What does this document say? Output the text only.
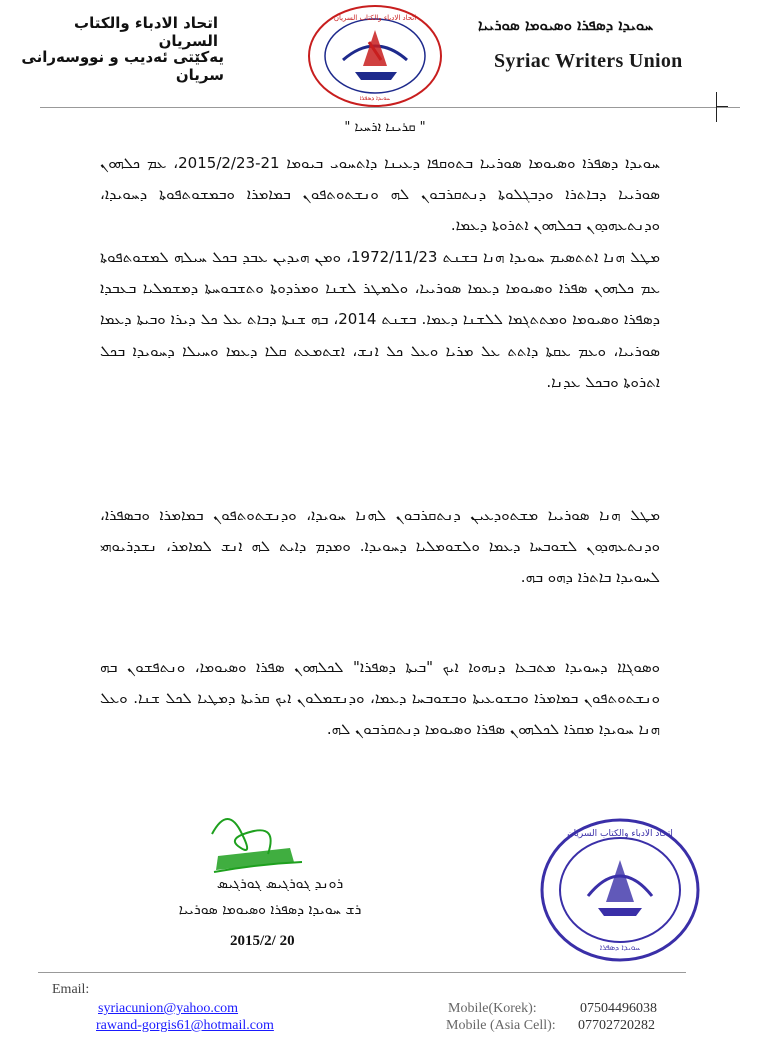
اتحاد الادباء والكتاب السريان
يەكێتى ئەديب و نووسەرانى سريان
ܚܘܝܕܐ ܕܣܦܪܐ ܘܣܝܘܡܐ ܣܘܪܝܝܐ
Syriac Writers Union
اتحاد الادباء والكتاب السريان
ܚܘܝܕܐ ܕܣܦܪܐ
" ܩܪܝܢܐ ܐܪܚܝܐ "
ܚܘܝܕܐ ܕܣܦܪܐ ܘܣܝܘܡܐ ܣܘܪܝܝܐ ܒܬܘܩܦܐ ܕܥܝܢܐ ܕܐܬܚܘܝ ܒܝܘܡܐ 21-2015/2/23، ܥܡ ܟܠܗܘܢ ܣܘܪܝܝܐ ܕܒܐܬܪܐ ܘܕܒܓܠܘܬܐ ܕܢܬܩܪܒܘܢ ܠܗ ܘܢܫܬܘܬܦܘܢ ܒܡܐܡܪܐ ܘܒܡܫܘܬܦܘܬܐ ܕܚܘܝܕܐ، ܘܕܢܬܥܗܕܘܢ ܒܟܠܗܘܢ ܐܬܪܘܬܐ ܕܥܡܐ.
ܡܛܠ ܗܢܐ ܐܬܬܣܝܡ ܚܘܝܕܐ ܗܢܐ ܒܫܢܬ 1972/11/23، ܘܡܢ ܗܝܕܝܢ ܥܒܕ ܒܟܠ ܚܝܠܗ ܠܡܫܘܬܦܘܬܐ ܥܡ ܟܠܗܘܢ ܣܦܪܐ ܘܣܝܘܡܐ ܕܥܡܐ ܣܘܪܝܝܐ، ܘܠܡܛܪ ܠܫܢܐ ܘܡܪܕܘܬܐ ܘܬܫܒܘܚܬܐ ܕܡܫܡܠܝܐ ܒܥܒܕܐ ܕܣܦܪܐ ܘܣܝܘܡܐ ܘܡܬܬܓܡܐ ܠܠܫܢܐ ܕܥܡܐ. ܒܫܢܬ 2014، ܒܗ ܫܢܬܐ ܕܒܐܬ ܥܠ ܟܠ ܕܝܪܐ ܘܒܝܬܐ ܕܥܡܐ ܣܘܪܝܝܐ، ܘܥܡ ܥܩܬܐ ܕܐܬܬ ܥܠ ܡܪܝܐ ܘܥܠ ܟܠ ܐܢܫ، ܐܫܬܡܥܬ ܩܠܐ ܕܥܡܐ ܘܚܝܠܐ ܕܚܘܝܕܐ ܒܟܠ ܐܬܪܘܬܐ ܘܒܟܠ ܥܕܢܐ.
ܡܛܠ ܗܢܐ ܣܘܪܝܝܐ ܡܫܬܘܕܥܝܢ ܕܢܬܩܪܒܘܢ ܠܗܢܐ ܚܘܝܕܐ، ܘܕܢܫܬܘܬܦܘܢ ܒܡܐܡܪܐ ܘܒܣܦܪܐ، ܘܕܢܬܥܗܕܘܢ ܠܫܘܒܚܐ ܕܥܡܐ ܘܠܫܘܡܠܝܐ ܕܚܘܝܕܐ. ܘܡܕܡ ܕܐܝܬ ܠܗ ܐܢܫ ܠܡܐܡܪ، ܢܫܕܪܝܘܗܝ ܠܚܘܝܕܐ ܒܐܬܪܐ ܕܗܘ ܒܗ.
ܘܣܘܓܐܐ ܕܚܘܝܕܐ ܡܬܒܥܐ ܕܢܗܘܐ ܐܝܟ "ܒܝܬܐ ܕܣܦܪܐ" ܠܟܠܗܘܢ ܣܦܪܐ ܘܣܝܘܡܐ، ܘܢܬܦܫܘܢ ܒܗ ܘܢܫܬܘܬܦܘܢ ܒܡܐܡܪܐ ܘܒܫܘܥܝܬܐ ܘܒܫܘܒܚܐ ܕܥܡܐ، ܘܕܢܫܡܠܘܢ ܐܝܟ ܩܪܝܬܐ ܕܡܛܝܐ ܠܟܠ ܫܢܐ. ܘܥܠ ܗܢܐ ܚܘܝܕܐ ܡܩܪܐ ܠܟܠܗܘܢ ܣܦܪܐ ܘܣܝܘܡܐ ܕܢܬܩܪܒܘܢ ܠܗ.
ܪܘܢܕ ܓܘܪܓܝܣ ܓܘܪܓܝܣ
ܪܫ ܚܘܝܕܐ ܕܣܦܪܐ ܘܣܝܘܡܐ ܣܘܪܝܝܐ
2015/2/ 20
اتحاد الادباء والكتاب السريان
ܚܘܝܕܐ ܕܣܦܪܐ
Email:
syriacunion@yahoo.com
rawand-gorgis61@hotmail.com
Mobile(Korek):
Mobile (Asia Cell):
07504496038
07702720282
